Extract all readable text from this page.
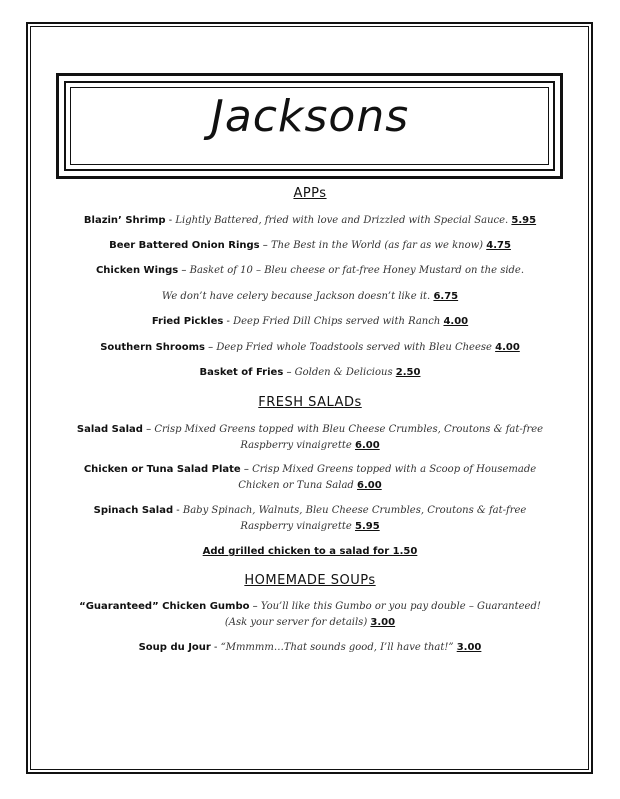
Jacksons
APPs
Blazin’ Shrimp - Lightly Battered, fried with love and Drizzled with Special Sauce. 5.95
Beer Battered Onion Rings – The Best in the World (as far as we know) 4.75
Chicken Wings – Basket of 10 – Bleu cheese or fat-free Honey Mustard on the side.
We don’t have celery because Jackson doesn’t like it. 6.75
Fried Pickles - Deep Fried Dill Chips served with Ranch 4.00
Southern Shrooms – Deep Fried whole Toadstools served with Bleu Cheese 4.00
Basket of Fries – Golden & Delicious 2.50
FRESH SALADs
Salad Salad – Crisp Mixed Greens topped with Bleu Cheese Crumbles, Croutons & fat-free
Raspberry vinaigrette 6.00
Chicken or Tuna Salad Plate – Crisp Mixed Greens topped with a Scoop of Housemade
Chicken or Tuna Salad 6.00
Spinach Salad - Baby Spinach, Walnuts, Bleu Cheese Crumbles, Croutons & fat-free
Raspberry vinaigrette 5.95
Add grilled chicken to a salad for 1.50
HOMEMADE SOUPs
“Guaranteed” Chicken Gumbo – You’ll like this Gumbo or you pay double – Guaranteed!
(Ask your server for details) 3.00
Soup du Jour - “Mmmmm…That sounds good, I’ll have that!” 3.00
